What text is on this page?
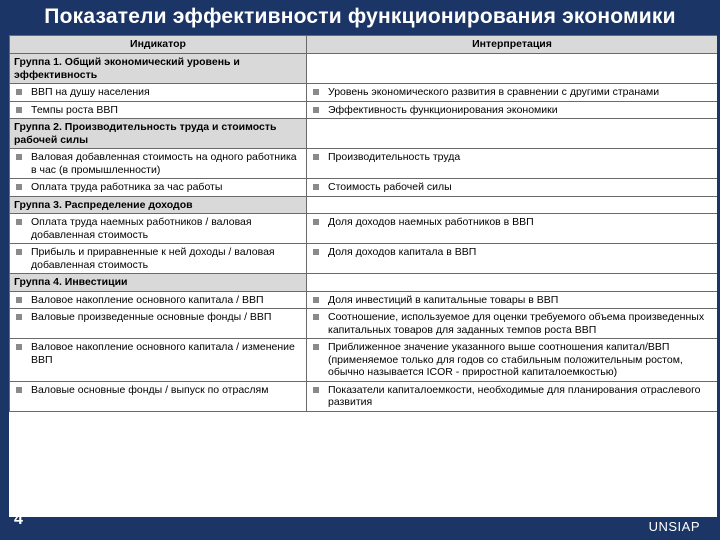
Показатели эффективности функционирования экономики
Индикатор	Интерпретация
Группа 1. Общий экономический уровень и эффективность	

ВВП на душу населения	Уровень экономического развития в сравнении с другими странами

Темпы роста ВВП	Эффективность функционирования экономики

Группа 2. Производительность труда и стоимость рабочей силы	

Валовая добавленная стоимость на одного работника в час (в промышленности)	Производительность труда

Оплата труда работника за час работы	Стоимость рабочей силы

Группа 3. Распределение доходов	

Оплата труда наемных работников / валовая добавленная стоимость	Доля доходов наемных работников в ВВП

Прибыль и приравненные к ней доходы / валовая добавленная стоимость	Доля доходов капитала в ВВП

Группа 4. Инвестиции	

Валовое накопление основного капитала / ВВП	Доля инвестиций в капитальные товары в ВВП

Валовые произведенные основные фонды / ВВП	Соотношение, используемое для оценки требуемого объема произведенных капитальных товаров для заданных темпов роста ВВП

Валовое накопление основного капитала / изменение ВВП	Приближенное значение указанного выше соотношения капитал/ВВП (применяемое только для годов со стабильным положительным ростом, обычно называется ICOR - приростной капиталоемкостью)

Валовые основные фонды / выпуск по отраслям	Показатели капиталоемкости, необходимые для планирования отраслевого развития
4	UNSIAP
